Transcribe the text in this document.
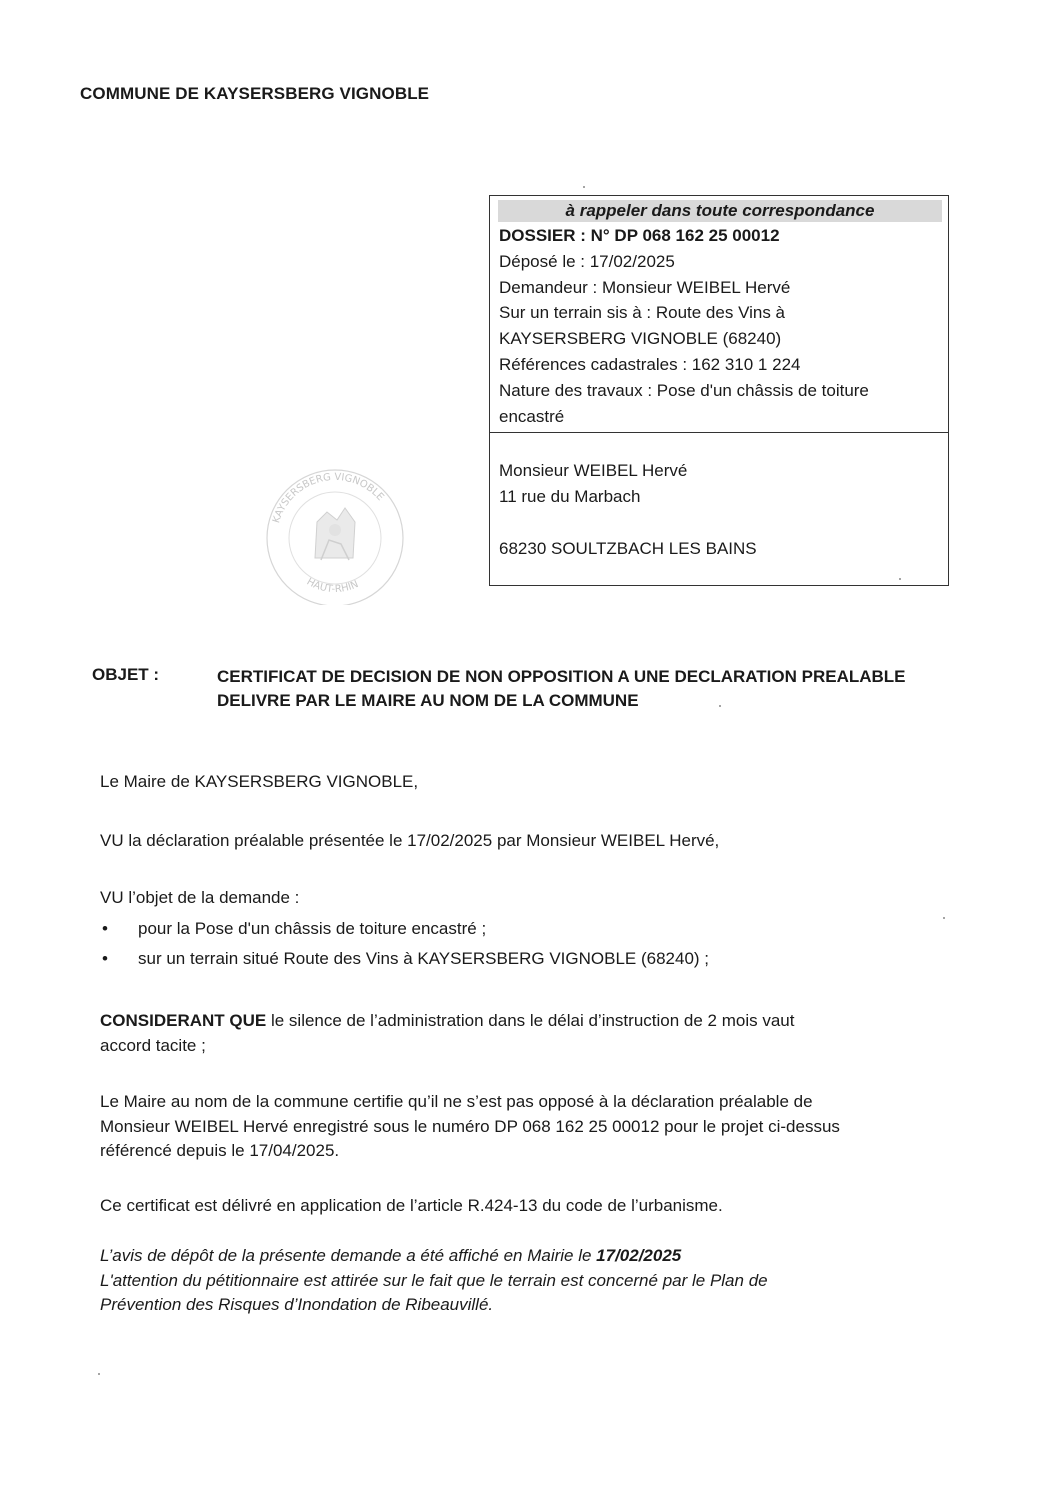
COMMUNE DE KAYSERSBERG VIGNOBLE
à rappeler dans toute correspondance
DOSSIER : N° DP 068 162 25 00012
Déposé le : 17/02/2025
Demandeur : Monsieur WEIBEL Hervé
Sur un terrain sis à : Route des Vins à
KAYSERSBERG VIGNOBLE (68240)
Références cadastrales : 162 310 1 224
Nature des travaux : Pose d'un châssis de toiture
encastré
Monsieur WEIBEL Hervé
11 rue du Marbach
68230 SOULTZBACH LES BAINS
KAYSERSBERG VIGNOBLE
HAUT-RHIN
OBJET :	CERTIFICAT DE DECISION DE NON OPPOSITION A UNE DECLARATION PREALABLE
DELIVRE PAR LE MAIRE AU NOM DE LA COMMUNE
Le Maire de KAYSERSBERG VIGNOBLE,
VU la déclaration préalable présentée le 17/02/2025 par Monsieur WEIBEL Hervé,
VU l’objet de la demande :
• pour la Pose d'un châssis de toiture encastré ;
• sur un terrain situé Route des Vins à KAYSERSBERG VIGNOBLE (68240) ;
CONSIDERANT QUE le silence de l’administration dans le délai d’instruction de 2 mois vaut
accord tacite ;
Le Maire au nom de la commune certifie qu’il ne s’est pas opposé à la déclaration préalable de
Monsieur WEIBEL Hervé enregistré sous le numéro DP 068 162 25 00012 pour le projet ci-dessus
référencé depuis le 17/04/2025.
Ce certificat est délivré en application de l’article R.424-13 du code de l’urbanisme.
L’avis de dépôt de la présente demande a été affiché en Mairie le 17/02/2025
L'attention du pétitionnaire est attirée sur le fait que le terrain est concerné par le Plan de
Prévention des Risques d’Inondation de Ribeauvillé.
